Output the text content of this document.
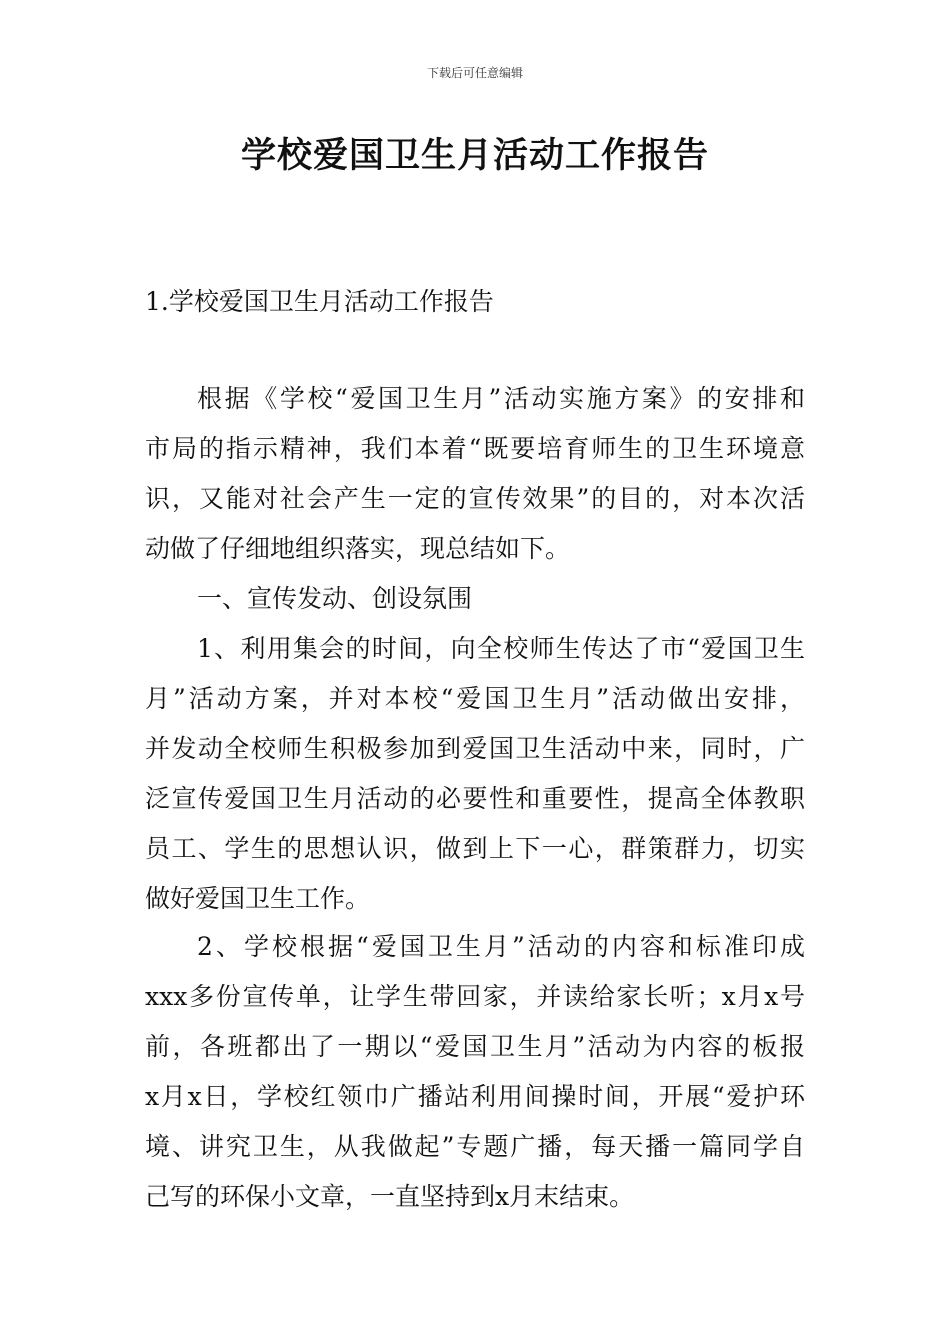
下载后可任意编辑
学校爱国卫生月活动工作报告
1.学校爱国卫生月活动工作报告
根据《学校“爱国卫生月”活动实施方案》的安排和
市局的指示精神，我们本着“既要培育师生的卫生环境意
识，又能对社会产生一定的宣传效果”的目的，对本次活
动做了仔细地组织落实，现总结如下。
一、宣传发动、创设氛围
1、利用集会的时间，向全校师生传达了市“爱国卫生
月”活动方案，并对本校“爱国卫生月”活动做出安排，
并发动全校师生积极参加到爱国卫生活动中来，同时，广
泛宣传爱国卫生月活动的必要性和重要性，提高全体教职
员工、学生的思想认识，做到上下一心，群策群力，切实
做好爱国卫生工作。
2、学校根据“爱国卫生月”活动的内容和标准印成
xxx多份宣传单，让学生带回家，并读给家长听；x月x号
前，各班都出了一期以“爱国卫生月”活动为内容的板报
x月x日，学校红领巾广播站利用间操时间，开展“爱护环
境、讲究卫生，从我做起”专题广播，每天播一篇同学自
己写的环保小文章，一直坚持到x月末结束。
